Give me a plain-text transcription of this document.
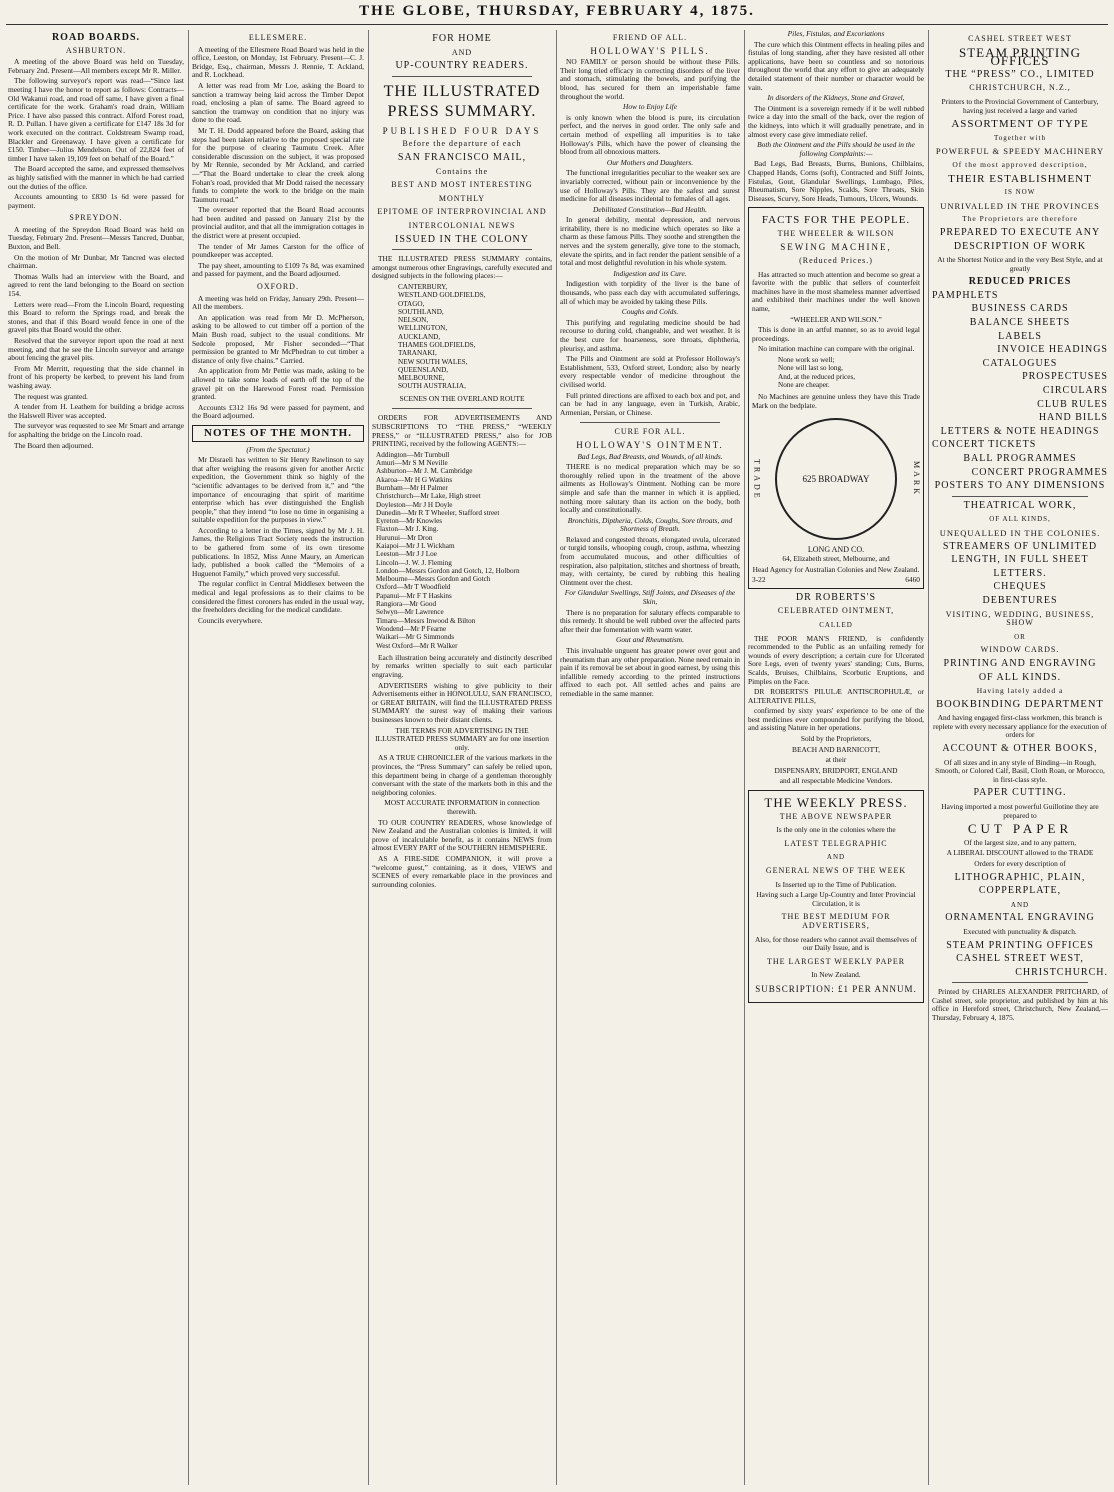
THE GLOBE, THURSDAY, FEBRUARY 4, 1875.
ROAD BOARDS.
ASHBURTON.

A meeting of the above Board was held on Tuesday, February 2nd. Present—All members except Mr R. Miller.

The following surveyor's report was read—“Since last meeting I have the honor to report as follows: Contracts—Old Wakanui road, and road off same, I have given a final certificate for the work. Graham's road drain, William Price. I have also passed this contract. Alford Forest road, R. D. Pullan. I have given a certificate for £147 18s 3d for work executed on the contract. Coldstream Swamp road, Blackler and Greenaway. I have given a certificate for £150. Timber—Julius Mendelson. Out of 22,824 feet of timber I have taken 19,109 feet on behalf of the Board.”

The Board accepted the same, and expressed themselves as highly satisfied with the manner in which he had carried out the duties of the office.

Accounts amounting to £830 1s 6d were passed for payment.

SPREYDON.

A meeting of the Spreydon Road Board was held on Tuesday, February 2nd. Present—Messrs Tancred, Dunbar, Buxton, and Bell.

On the motion of Mr Dunbar, Mr Tancred was elected chairman.

Thomas Walls had an interview with the Board, and agreed to rent the land belonging to the Board on section 154.

Letters were read—From the Lincoln Board, requesting this Board to reform the Springs road, and break the stones, and that if this Board would fence in one of the gravel pits that Board would the other.

Resolved that the surveyor report upon the road at next meeting, and that he see the Lincoln surveyor and arrange about fencing the gravel pits.

From Mr Merritt, requesting that the side channel in front of his property be kerbed, to prevent his land from washing away.

The request was granted.

A tender from H. Leathem for building a bridge across the Halswell River was accepted.

The surveyor was requested to see Mr Smart and arrange for asphalting the bridge on the Lincoln road.

The Board then adjourned.

ELLESMERE.

A meeting of the Ellesmere Road Board was held in the office, Leeston, on Monday, 1st February. Present—C. J. Bridge, Esq., chairman, Messrs J. Rennie, T. Ackland, and R. Lockhead.

A letter was read from Mr Loe, asking the Board to sanction a tramway being laid across the Timber Depot road, enclosing a plan of same. The Board agreed to sanction the tramway on condition that no injury was done to the road.

Mr T. H. Dodd appeared before the Board, asking that steps had been taken relative to the proposed special rate for the purpose of clearing Taumutu Creek. After considerable discussion on the subject, it was proposed by Mr Rennie, seconded by Mr Ackland, and carried—“That the Board undertake to clear the creek along Fohan's road, provided that Mr Dodd raised the necessary funds to complete the work to the bridge on the main Taumutu road.”

The overseer reported that the Board Road accounts had been audited and passed on January 21st by the provincial auditor, and that all the immigration cottages in the district were at present occupied.

The tender of Mr James Carston for the office of poundkeeper was accepted.

The pay sheet, amounting to £109 7s 8d, was examined and passed for payment, and the Board adjourned.

OXFORD.

A meeting was held on Friday, January 29th. Present—All the members.

An application was read from Mr D. McPherson, asking to be allowed to cut timber off a portion of the Main Bush road, subject to the usual conditions. Mr Sedcole proposed, Mr Fisher seconded—“That permission be granted to Mr McPhedran to cut timber a distance of only five chains.” Carried.

An application from Mr Pettie was made, asking to be allowed to take some loads of earth off the top of the gravel pit on the Harewood Forest road. Permission granted.

Accounts £312 16s 9d were passed for payment, and the Board adjourned.

NOTES OF THE MONTH.

(From the Spectator.)

Mr Disraeli has written to Sir Henry Rawlinson to say that after weighing the reasons given for another Arctic expedition, the Government think so highly of the “scientific advantages to be derived from it,” and “the importance of encouraging that spirit of maritime enterprise which has ever distinguished the English people,” that they intend “to lose no time in organising a suitable expedition for the purposes in view.”

According to a letter in the Times, signed by Mr J. H. James, the Religious Tract Society needs the instruction to be gathered from some of its own tiresome publications. In 1852, Miss Anne Maury, an American lady, published a book called the “Memoirs of a Huguenot Family,” which proved very successful.

The regular conflict in Central Middlesex between the medical and legal professions as to their claims to be considered the fittest coroners has ended in the usual way, the freeholders deciding for the medical candidate.

Councils everywhere.

FOR HOME
AND
UP-COUNTRY READERS.
THE ILLUSTRATED PRESS SUMMARY.
PUBLISHED FOUR DAYS
Before the departure of each
SAN FRANCISCO MAIL,
Contains the
BEST AND MOST INTERESTING
MONTHLY
EPITOME OF INTERPROVINCIAL AND
INTERCOLONIAL NEWS
ISSUED IN THE COLONY

THE ILLUSTRATED PRESS SUMMARY contains, amongst numerous other Engravings, carefully executed and designed subjects in the following places:—

CANTERBURY,
WESTLAND GOLDFIELDS,
OTAGO,
SOUTHLAND,
NELSON,
WELLINGTON,
AUCKLAND,
THAMES GOLDFIELDS,
TARANAKI,
NEW SOUTH WALES,
QUEENSLAND,
MELBOURNE,
SOUTH AUSTRALIA,

SCENES ON THE OVERLAND ROUTE

ORDERS FOR ADVERTISEMENTS AND SUBSCRIPTIONS TO “THE PRESS,” “WEEKLY PRESS,” or “ILLUSTRATED PRESS,” also for JOB PRINTING, received by the following AGENTS:—

Addington—Mr Turnbull
Amuri—Mr S M Neville
Ashburton—Mr J. M. Cambridge
Akaroa—Mr H G Watkins
Burnham—Mr H Palmer
Christchurch—Mr Lake, High street
Doyleston—Mr J H Doyle
Dunedin—Mr R T Wheeler, Stafford street
Eyreton—Mr Knowles
Flaxton—Mr J. King.
Hurunui—Mr Dron
Kaiapoi—Mr J L Wickham
Leeston—Mr J J Loe
Lincoln—J. W. J. Fleming
London—Messrs Gordon and Gotch, 12, Holborn
Melbourne—Messrs Gordon and Gotch
Oxford—Mr T Woodfield
Papanui—Mr F T Haskins
Rangiora—Mr Good
Selwyn—Mr Lawrence
Timaru—Messrs Inwood & Bilton
Woodend—Mr P Fearne
Waikari—Mr G Simmonds
West Oxford—Mr R Walker

Each illustration being accurately and distinctly described by remarks written specially to suit each particular engraving.

ADVERTISERS wishing to give publicity to their Advertisements either in HONOLULU, SAN FRANCISCO, or GREAT BRITAIN, will find the ILLUSTRATED PRESS SUMMARY the surest way of making their various businesses known to their distant clients.

THE TERMS FOR ADVERTISING IN THE ILLUSTRATED PRESS SUMMARY are for one insertion only.

AS A TRUE CHRONICLER of the various markets in the provinces, the “Press Summary” can safely be relied upon, this department being in charge of a gentleman thoroughly conversant with the state of the markets both in this and the neighboring colonies.

MOST ACCURATE INFORMATION in connection therewith.

TO OUR COUNTRY READERS, whose knowledge of New Zealand and the Australian colonies is limited, it will prove of incalculable benefit, as it contains NEWS from almost EVERY PART of the SOUTHERN HEMISPHERE.

AS A FIRE-SIDE COMPANION, it will prove a “welcome guest,” containing, as it does, VIEWS and SCENES of every remarkable place in the provinces and surrounding colonies.

FRIEND OF ALL.
HOLLOWAY'S PILLS.

NO FAMILY or person should be without these Pills. Their long tried efficacy in correcting disorders of the liver and stomach, stimulating the bowels, and purifying the blood, has secured for them an imperishable fame throughout the world.

How to Enjoy Life

is only known when the blood is pure, its circulation perfect, and the nerves in good order. The only safe and certain method of expelling all impurities is to take Holloway's Pills, which have the power of cleansing the blood from all obnoxious matters.

Our Mothers and Daughters.

The functional irregularities peculiar to the weaker sex are invariably corrected, without pain or inconvenience by the use of Holloway's Pills. They are the safest and surest medicine for all diseases incidental to females of all ages.

Debilitated Constitution—Bad Health.

In general debility, mental depression, and nervous irritability, there is no medicine which operates so like a charm as these famous Pills. They soothe and strengthen the nerves and the system generally, give tone to the stomach, elevate the spirits, and in fact render the patient sensible of a total and most delightful revolution in his whole system.

Indigestion and its Cure.

Indigestion with torpidity of the liver is the bane of thousands, who pass each day with accumulated sufferings, all of which may be avoided by taking these Pills.

Coughs and Colds.

This purifying and regulating medicine should be had recourse to during cold, changeable, and wet weather. It is the best cure for hoarseness, sore throats, diphtheria, pleurisy, and asthma.

The Pills and Ointment are sold at Professor Holloway's Establishment, 533, Oxford street, London; also by nearly every respectable vendor of medicine throughout the civilised world.

Full printed directions are affixed to each box and pot, and can be had in any language, even in Turkish, Arabic, Armenian, Persian, or Chinese.

CURE FOR ALL.
HOLLOWAY'S OINTMENT.

Bad Legs, Bad Breasts, and Wounds, of all kinds.

THERE is no medical preparation which may be so thoroughly relied upon in the treatment of the above ailments as Holloway's Ointment. Nothing can be more simple and safe than the manner in which it is applied, nothing more salutary than its action on the body, both locally and constitutionally.

Bronchitis, Diptheria, Colds, Coughs, Sore throats, and Shortness of Breath.

Relaxed and congested throats, elongated uvula, ulcerated or turgid tonsils, whooping cough, croup, asthma, wheezing from accumulated mucous, and other difficulties of respiration, also palpitation, stitches and shortness of breath, may, with certainty, be cured by rubbing this healing Ointment over the chest.

For Glandular Swellings, Stiff Joints, and Diseases of the Skin,

There is no preparation for salutary effects comparable to this remedy. It should be well rubbed over the affected parts after their due fomentation with warm water.

Gout and Rheumatism.

This invaluable unguent has greater power over gout and rheumatism than any other preparation. None need remain in pain if its removal be set about in good earnest, by using this infallible remedy according to the printed instructions affixed to each pot. All settled aches and pains are remediable in the same manner.

Piles, Fistulas, and Excoriations

The cure which this Ointment effects in healing piles and fistulas of long standing, after they have resisted all other applications, have been so countless and so notorious throughout the world that any effort to give an adequately detailed statement of their number or character would be vain.

In disorders of the Kidneys, Stone and Gravel,

The Ointment is a sovereign remedy if it be well rubbed twice a day into the small of the back, over the region of the kidneys, into which it will gradually penetrate, and in almost every case give immediate relief.

Both the Ointment and the Pills should be used in the following Complaints:—

Bad Legs, Bad Breasts, Burns, Bunions, Chilblains, Chapped Hands, Corns (soft), Contracted and Stiff Joints, Fistulas, Gout, Glandular Swellings, Lumbago, Piles, Rheumatism, Sore Nipples, Scalds, Sore Throats, Skin Diseases, Scurvy, Sore Heads, Tumours, Ulcers, Wounds.

FACTS FOR THE PEOPLE.
THE WHEELER & WILSON
SEWING MACHINE,
(Reduced Prices.)

Has attracted so much attention and become so great a favorite with the public that sellers of counterfeit machines have in the most shameless manner advertised and exhibited their machines under the well known name,

“WHEELER AND WILSON.”

This is done in an artful manner, so as to avoid legal proceedings.

No imitation machine can compare with the original.

None work so well;
None will last so long,
And, at the reduced prices,
None are cheaper.

No Machines are genuine unless they have this Trade Mark on the bedplate.

TRADE	625 BROADWAY	MARK
LONG AND CO.

64, Elizabeth street, Melbourne, and

Head Agency for Australian Colonies and New Zealand.

3-22	6460
DR ROBERTS'S
CELEBRATED OINTMENT,
CALLED

THE POOR MAN'S FRIEND, is confidently recommended to the Public as an unfailing remedy for wounds of every description; a certain cure for Ulcerated Sore Legs, even of twenty years' standing; Cuts, Burns, Scalds, Bruises, Chilblains, Scorbutic Eruptions, and Pimples on the Face.

DR ROBERTS'S PILULÆ ANTISCROPHULÆ, or ALTERATIVE PILLS,

confirmed by sixty years' experience to be one of the best medicines ever compounded for purifying the blood, and assisting Nature in her operations.

Sold by the Proprietors,

BEACH AND BARNICOTT,

at their

DISPENSARY, BRIDPORT, ENGLAND

and all respectable Medicine Vendors.

THE WEEKLY PRESS.
THE ABOVE NEWSPAPER

Is the only one in the colonies where the

LATEST TELEGRAPHIC
AND
GENERAL NEWS OF THE WEEK

Is Inserted up to the Time of Publication.

Having such a Large Up-Country and Inter Provincial Circulation, it is

THE BEST MEDIUM FOR ADVERTISERS,

Also, for those readers who cannot avail themselves of our Daily Issue, and is

THE LARGEST WEEKLY PAPER

In New Zealand.

SUBSCRIPTION: £1 PER ANNUM.
CASHEL STREET WEST
STEAM PRINTING OFFICES
THE “PRESS” CO., LIMITED
CHRISTCHURCH, N.Z.,

Printers to the Provincial Government of Canterbury, having just received a large and varied

ASSORTMENT OF TYPE
Together with
POWERFUL & SPEEDY MACHINERY
Of the most approved description,
THEIR ESTABLISHMENT
IS NOW
UNRIVALLED IN THE PROVINCES
The Proprietors are therefore
PREPARED TO EXECUTE ANY
DESCRIPTION OF WORK

At the Shortest Notice and in the very Best Style, and at greatly

REDUCED PRICES
PAMPHLETS
BUSINESS CARDS
BALANCE SHEETS
LABELS
INVOICE HEADINGS
CATALOGUES
PROSPECTUSES
CIRCULARS
CLUB RULES
HAND BILLS
LETTERS & NOTE HEADINGS
CONCERT TICKETS
BALL PROGRAMMES
CONCERT PROGRAMMES
POSTERS TO ANY DIMENSIONS
THEATRICAL WORK,
OF ALL KINDS,
UNEQUALLED IN THE COLONIES.
STREAMERS OF UNLIMITED
LENGTH, IN FULL SHEET
LETTERS.
CHEQUES
DEBENTURES
VISITING, WEDDING, BUSINESS, SHOW
OR
WINDOW CARDS.
PRINTING AND ENGRAVING
OF ALL KINDS.
Having lately added a
BOOKBINDING DEPARTMENT

And having engaged first-class workmen, this branch is replete with every necessary appliance for the execution of orders for

ACCOUNT & OTHER BOOKS,

Of all sizes and in any style of Binding—in Rough, Smooth, or Colored Calf, Basil, Cloth Roan, or Morocco, in first-class style.

PAPER CUTTING.

Having imported a most powerful Guillotine they are prepared to

CUT PAPER

Of the largest size, and to any pattern,

A LIBERAL DISCOUNT allowed to the TRADE

Orders for every description of

LITHOGRAPHIC, PLAIN,
COPPERPLATE,
AND
ORNAMENTAL ENGRAVING

Executed with punctuality & dispatch.

STEAM PRINTING OFFICES
CASHEL STREET WEST,
CHRISTCHURCH.

Printed by CHARLES ALEXANDER PRITCHARD, of Cashel street, sole proprietor, and published by him at his office in Hereford street, Christchurch, New Zealand,—Thursday, February 4, 1875.
